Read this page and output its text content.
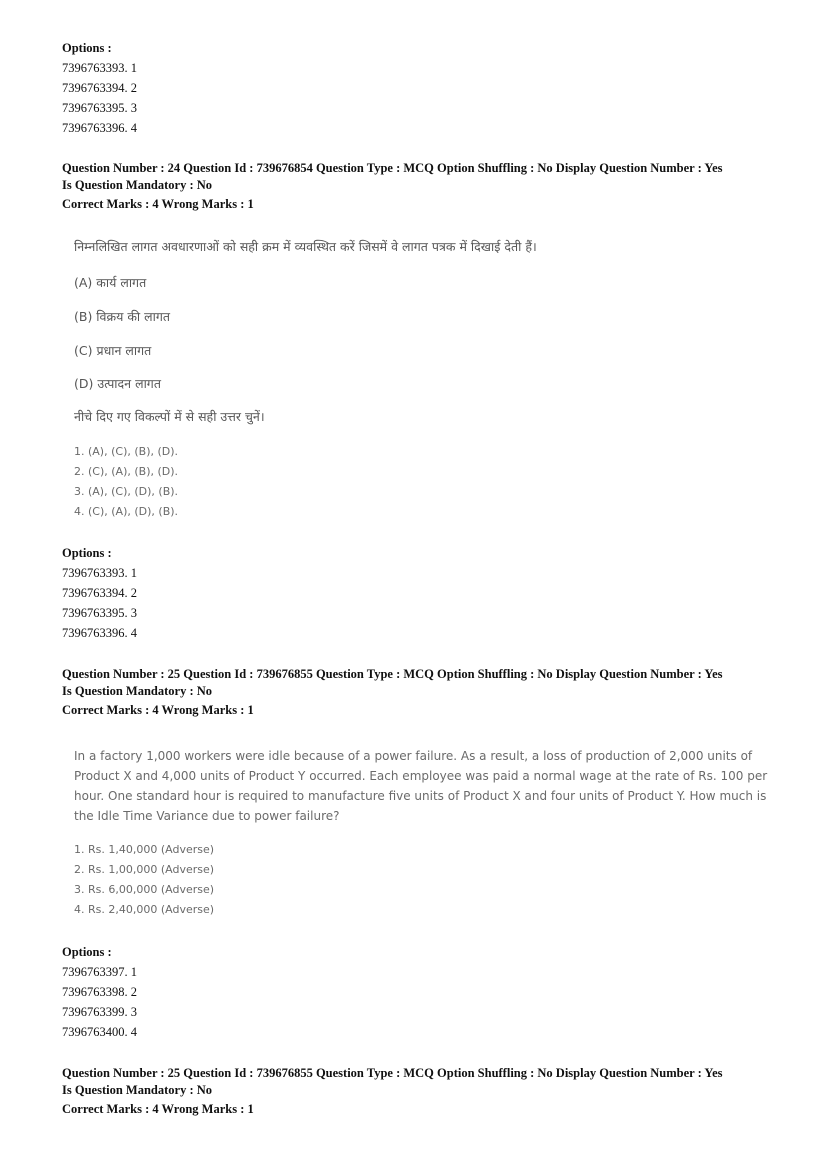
Options :
7396763393. 1
7396763394. 2
7396763395. 3
7396763396. 4
Question Number : 24 Question Id : 739676854 Question Type : MCQ Option Shuffling : No Display Question Number : Yes
Is Question Mandatory : No
Correct Marks : 4 Wrong Marks : 1
निम्नलिखित लागत अवधारणाओं को सही क्रम में व्यवस्थित करें जिसमें वे लागत पत्रक में दिखाई देती हैं।
(A) कार्य लागत
(B) विक्रय की लागत
(C) प्रधान लागत
(D) उत्पादन लागत
नीचे दिए गए विकल्पों में से सही उत्तर चुनें।
1. (A), (C), (B), (D).
2. (C), (A), (B), (D).
3. (A), (C), (D), (B).
4. (C), (A), (D), (B).
Options :
7396763393. 1
7396763394. 2
7396763395. 3
7396763396. 4
Question Number : 25 Question Id : 739676855 Question Type : MCQ Option Shuffling : No Display Question Number : Yes
Is Question Mandatory : No
Correct Marks : 4 Wrong Marks : 1
In a factory 1,000 workers were idle because of a power failure. As a result, a loss of production of 2,000 units of
Product X and 4,000 units of Product Y occurred. Each employee was paid a normal wage at the rate of Rs. 100 per
hour. One standard hour is required to manufacture five units of Product X and four units of Product Y. How much is
the Idle Time Variance due to power failure?
1. Rs. 1,40,000 (Adverse)
2. Rs. 1,00,000 (Adverse)
3. Rs. 6,00,000 (Adverse)
4. Rs. 2,40,000 (Adverse)
Options :
7396763397. 1
7396763398. 2
7396763399. 3
7396763400. 4
Question Number : 25 Question Id : 739676855 Question Type : MCQ Option Shuffling : No Display Question Number : Yes
Is Question Mandatory : No
Correct Marks : 4 Wrong Marks : 1
